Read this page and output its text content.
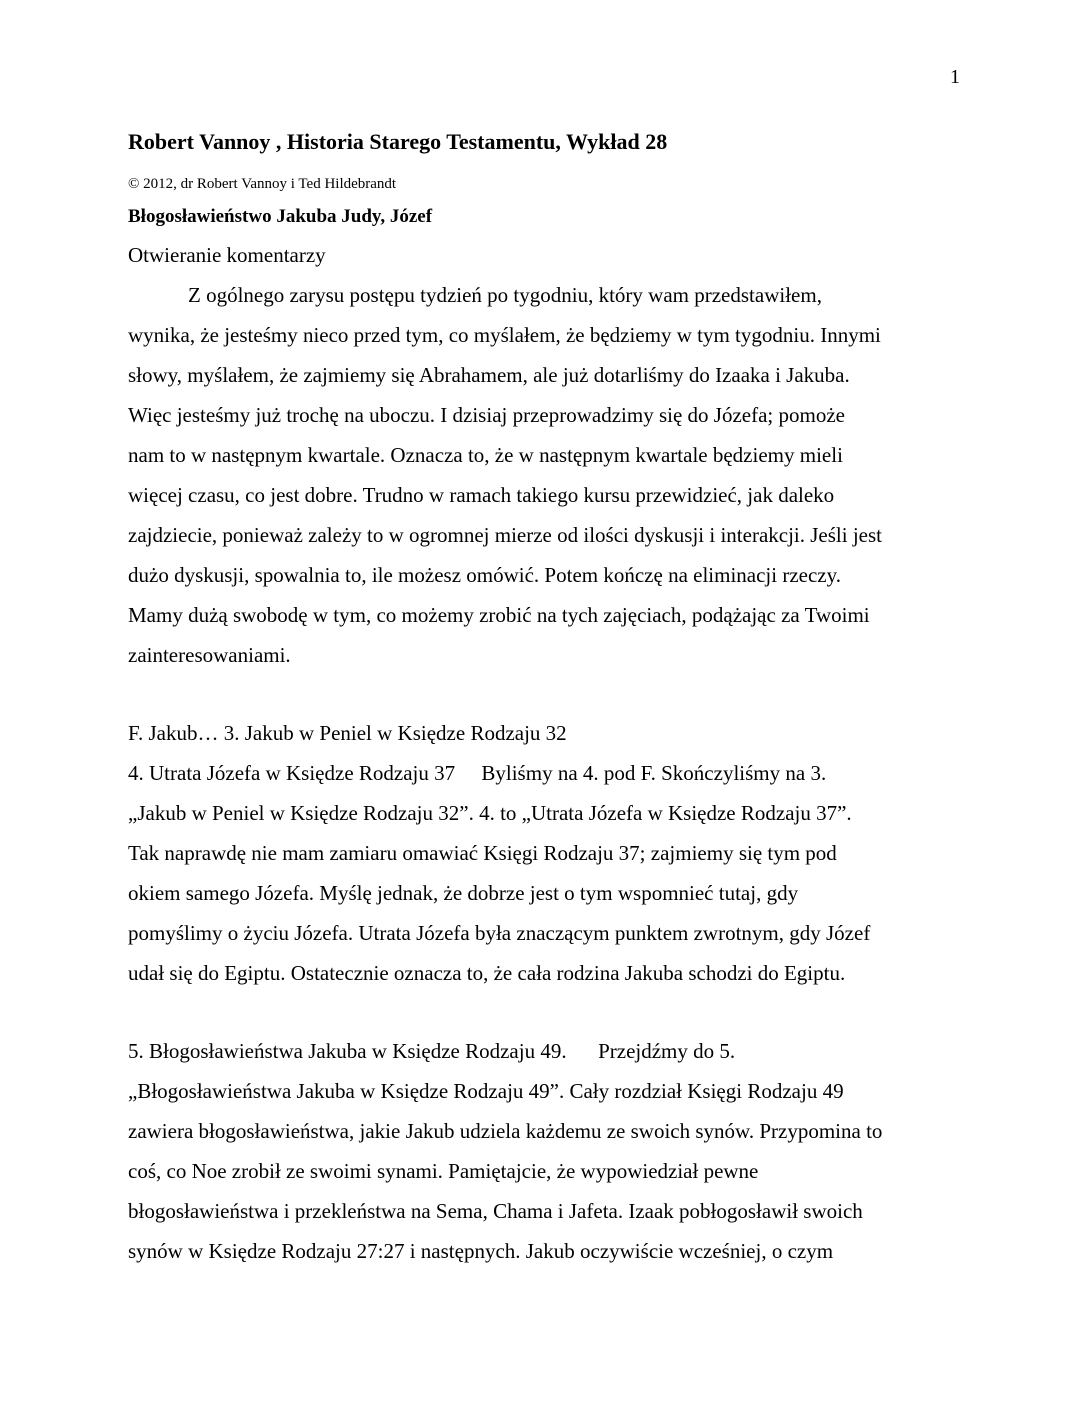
1
Robert Vannoy , Historia Starego Testamentu, Wykład 28
© 2012, dr Robert Vannoy i Ted Hildebrandt
Błogosławieństwo Jakuba Judy, Józef
Otwieranie komentarzy
Z ogólnego zarysu postępu tydzień po tygodniu, który wam przedstawiłem,
wynika, że jesteśmy nieco przed tym, co myślałem, że będziemy w tym tygodniu. Innymi
słowy, myślałem, że zajmiemy się Abrahamem, ale już dotarliśmy do Izaaka i Jakuba.
Więc jesteśmy już trochę na uboczu. I dzisiaj przeprowadzimy się do Józefa; pomoże
nam to w następnym kwartale. Oznacza to, że w następnym kwartale będziemy mieli
więcej czasu, co jest dobre. Trudno w ramach takiego kursu przewidzieć, jak daleko
zajdziecie, ponieważ zależy to w ogromnej mierze od ilości dyskusji i interakcji. Jeśli jest
dużo dyskusji, spowalnia to, ile możesz omówić. Potem kończę na eliminacji rzeczy.
Mamy dużą swobodę w tym, co możemy zrobić na tych zajęciach, podążając za Twoimi
zainteresowaniami.
F. Jakub… 3. Jakub w Peniel w Księdze Rodzaju 32
4. Utrata Józefa w Księdze Rodzaju 37     Byliśmy na 4. pod F. Skończyliśmy na 3.
„Jakub w Peniel w Księdze Rodzaju 32”. 4. to „Utrata Józefa w Księdze Rodzaju 37”.
Tak naprawdę nie mam zamiaru omawiać Księgi Rodzaju 37; zajmiemy się tym pod
okiem samego Józefa. Myślę jednak, że dobrze jest o tym wspomnieć tutaj, gdy
pomyślimy o życiu Józefa. Utrata Józefa była znaczącym punktem zwrotnym, gdy Józef
udał się do Egiptu. Ostatecznie oznacza to, że cała rodzina Jakuba schodzi do Egiptu.
5. Błogosławieństwa Jakuba w Księdze Rodzaju 49.      Przejdźmy do 5.
„Błogosławieństwa Jakuba w Księdze Rodzaju 49”. Cały rozdział Księgi Rodzaju 49
zawiera błogosławieństwa, jakie Jakub udziela każdemu ze swoich synów. Przypomina to
coś, co Noe zrobił ze swoimi synami. Pamiętajcie, że wypowiedział pewne
błogosławieństwa i przekleństwa na Sema, Chama i Jafeta. Izaak pobłogosławił swoich
synów w Księdze Rodzaju 27:27 i następnych. Jakub oczywiście wcześniej, o czym
